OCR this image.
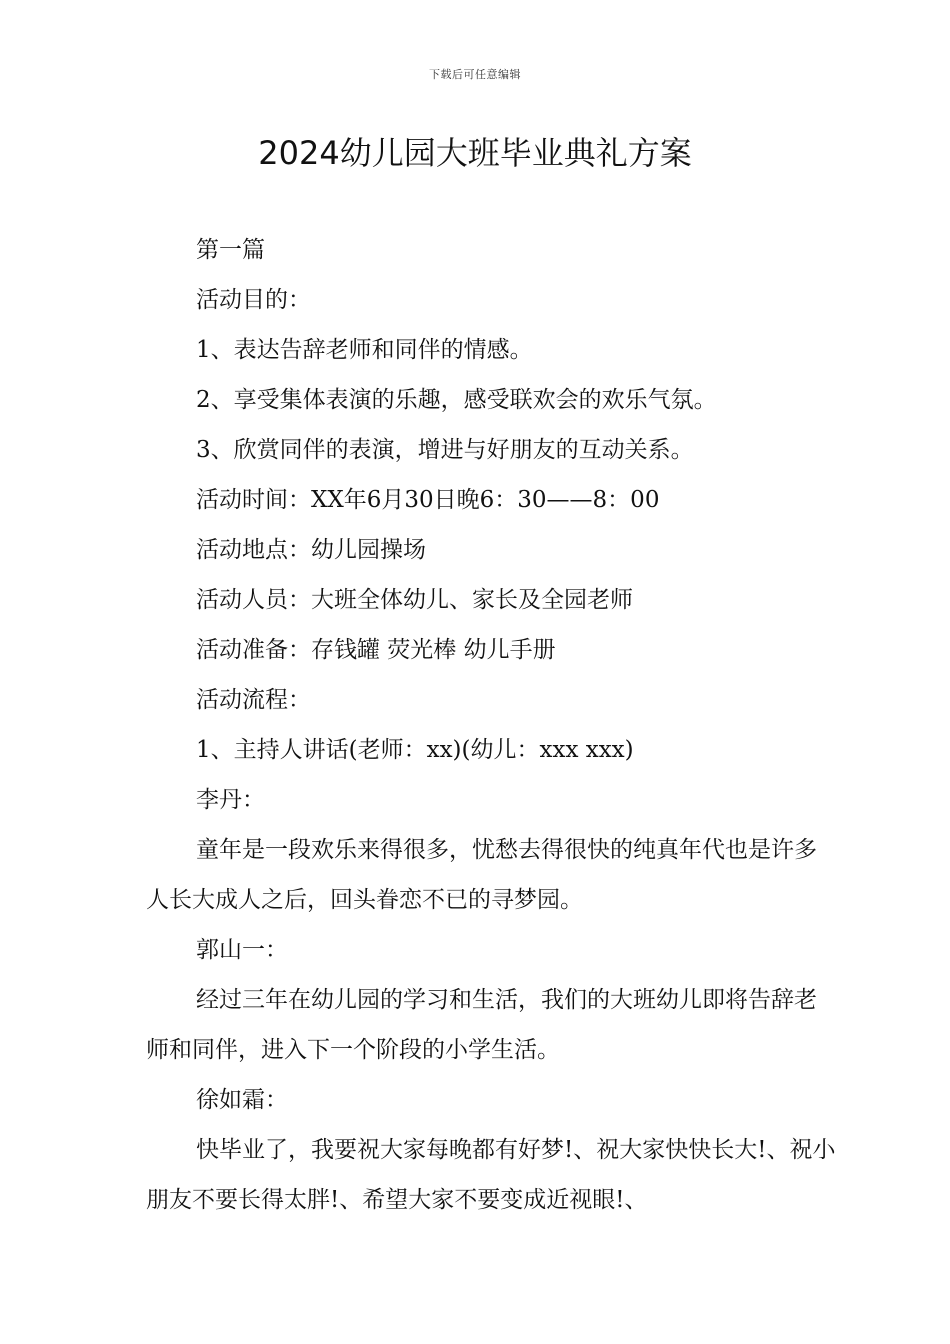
下载后可任意编辑
2024幼儿园大班毕业典礼方案

第一篇

活动目的：

1、表达告辞老师和同伴的情感。

2、享受集体表演的乐趣，感受联欢会的欢乐气氛。

3、欣赏同伴的表演，增进与好朋友的互动关系。

活动时间：XX年6月30日晚6：30——8：00

活动地点：幼儿园操场

活动人员：大班全体幼儿、家长及全园老师

活动准备：存钱罐 荧光棒 幼儿手册

活动流程：

1、主持人讲话(老师：xx)(幼儿：xxx xxx)

李丹：

童年是一段欢乐来得很多，忧愁去得很快的纯真年代也是许多人长大成人之后，回头眷恋不已的寻梦园。

郭山一：

经过三年在幼儿园的学习和生活，我们的大班幼儿即将告辞老师和同伴，进入下一个阶段的小学生活。

徐如霜：

快毕业了，我要祝大家每晚都有好梦!、祝大家快快长大!、祝小朋友不要长得太胖!、希望大家不要变成近视眼!、
